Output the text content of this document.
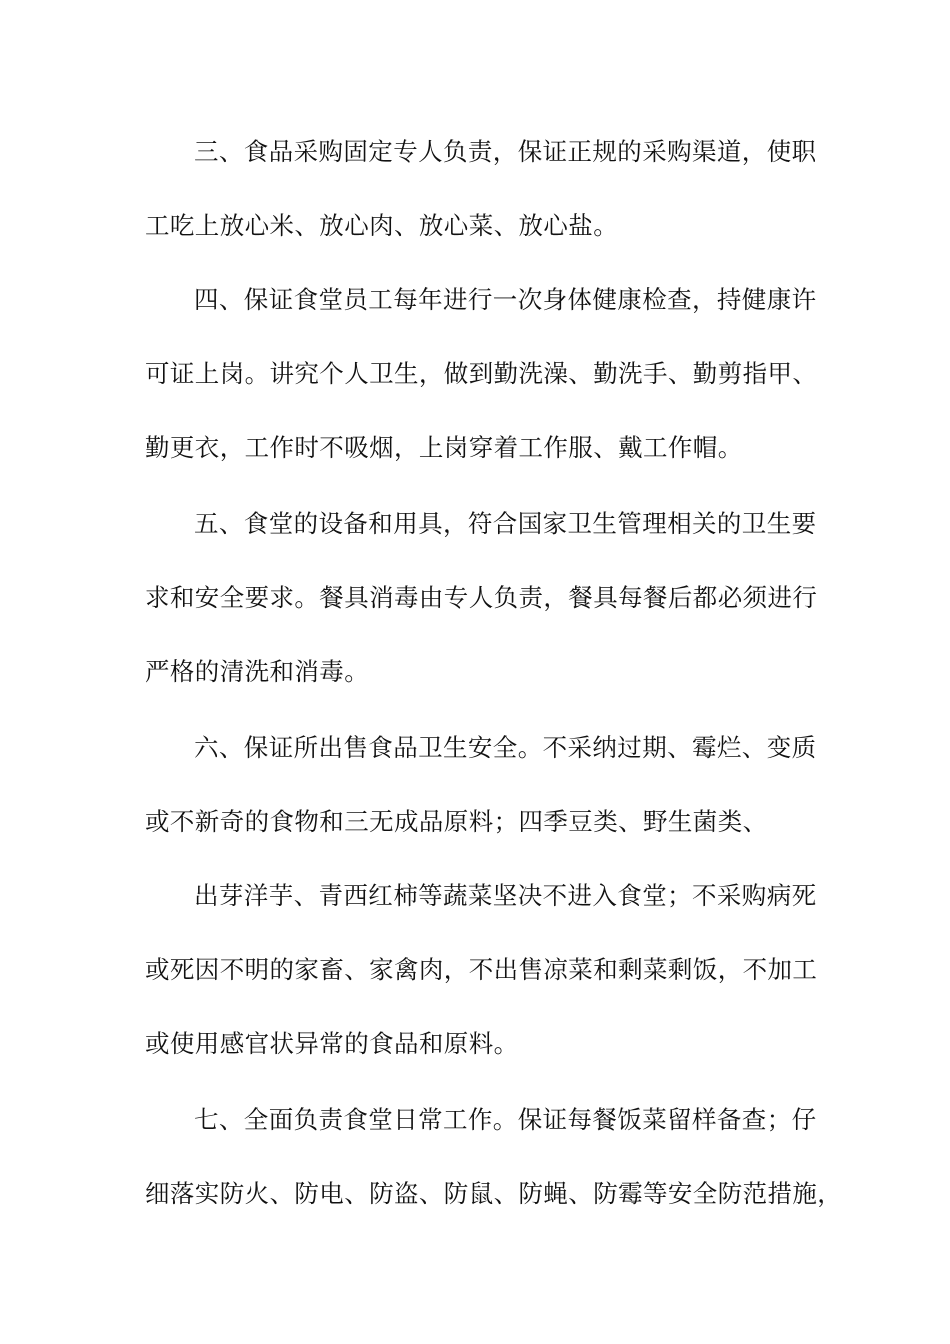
三、食品采购固定专人负责，保证正规的采购渠道，使职
工吃上放心米、放心肉、放心菜、放心盐。
四、保证食堂员工每年进行一次身体健康检查，持健康许
可证上岗。讲究个人卫生，做到勤洗澡、勤洗手、勤剪指甲、
勤更衣，工作时不吸烟，上岗穿着工作服、戴工作帽。
五、食堂的设备和用具，符合国家卫生管理相关的卫生要
求和安全要求。餐具消毒由专人负责，餐具每餐后都必须进行
严格的清洗和消毒。
六、保证所出售食品卫生安全。不采纳过期、霉烂、变质
或不新奇的食物和三无成品原料；四季豆类、野生菌类、
出芽洋芋、青西红柿等蔬菜坚决不进入食堂；不采购病死
或死因不明的家畜、家禽肉，不出售凉菜和剩菜剩饭，不加工
或使用感官状异常的食品和原料。
七、全面负责食堂日常工作。保证每餐饭菜留样备查；仔
细落实防火、防电、防盗、防鼠、防蝇、防霉等安全防范措施，
